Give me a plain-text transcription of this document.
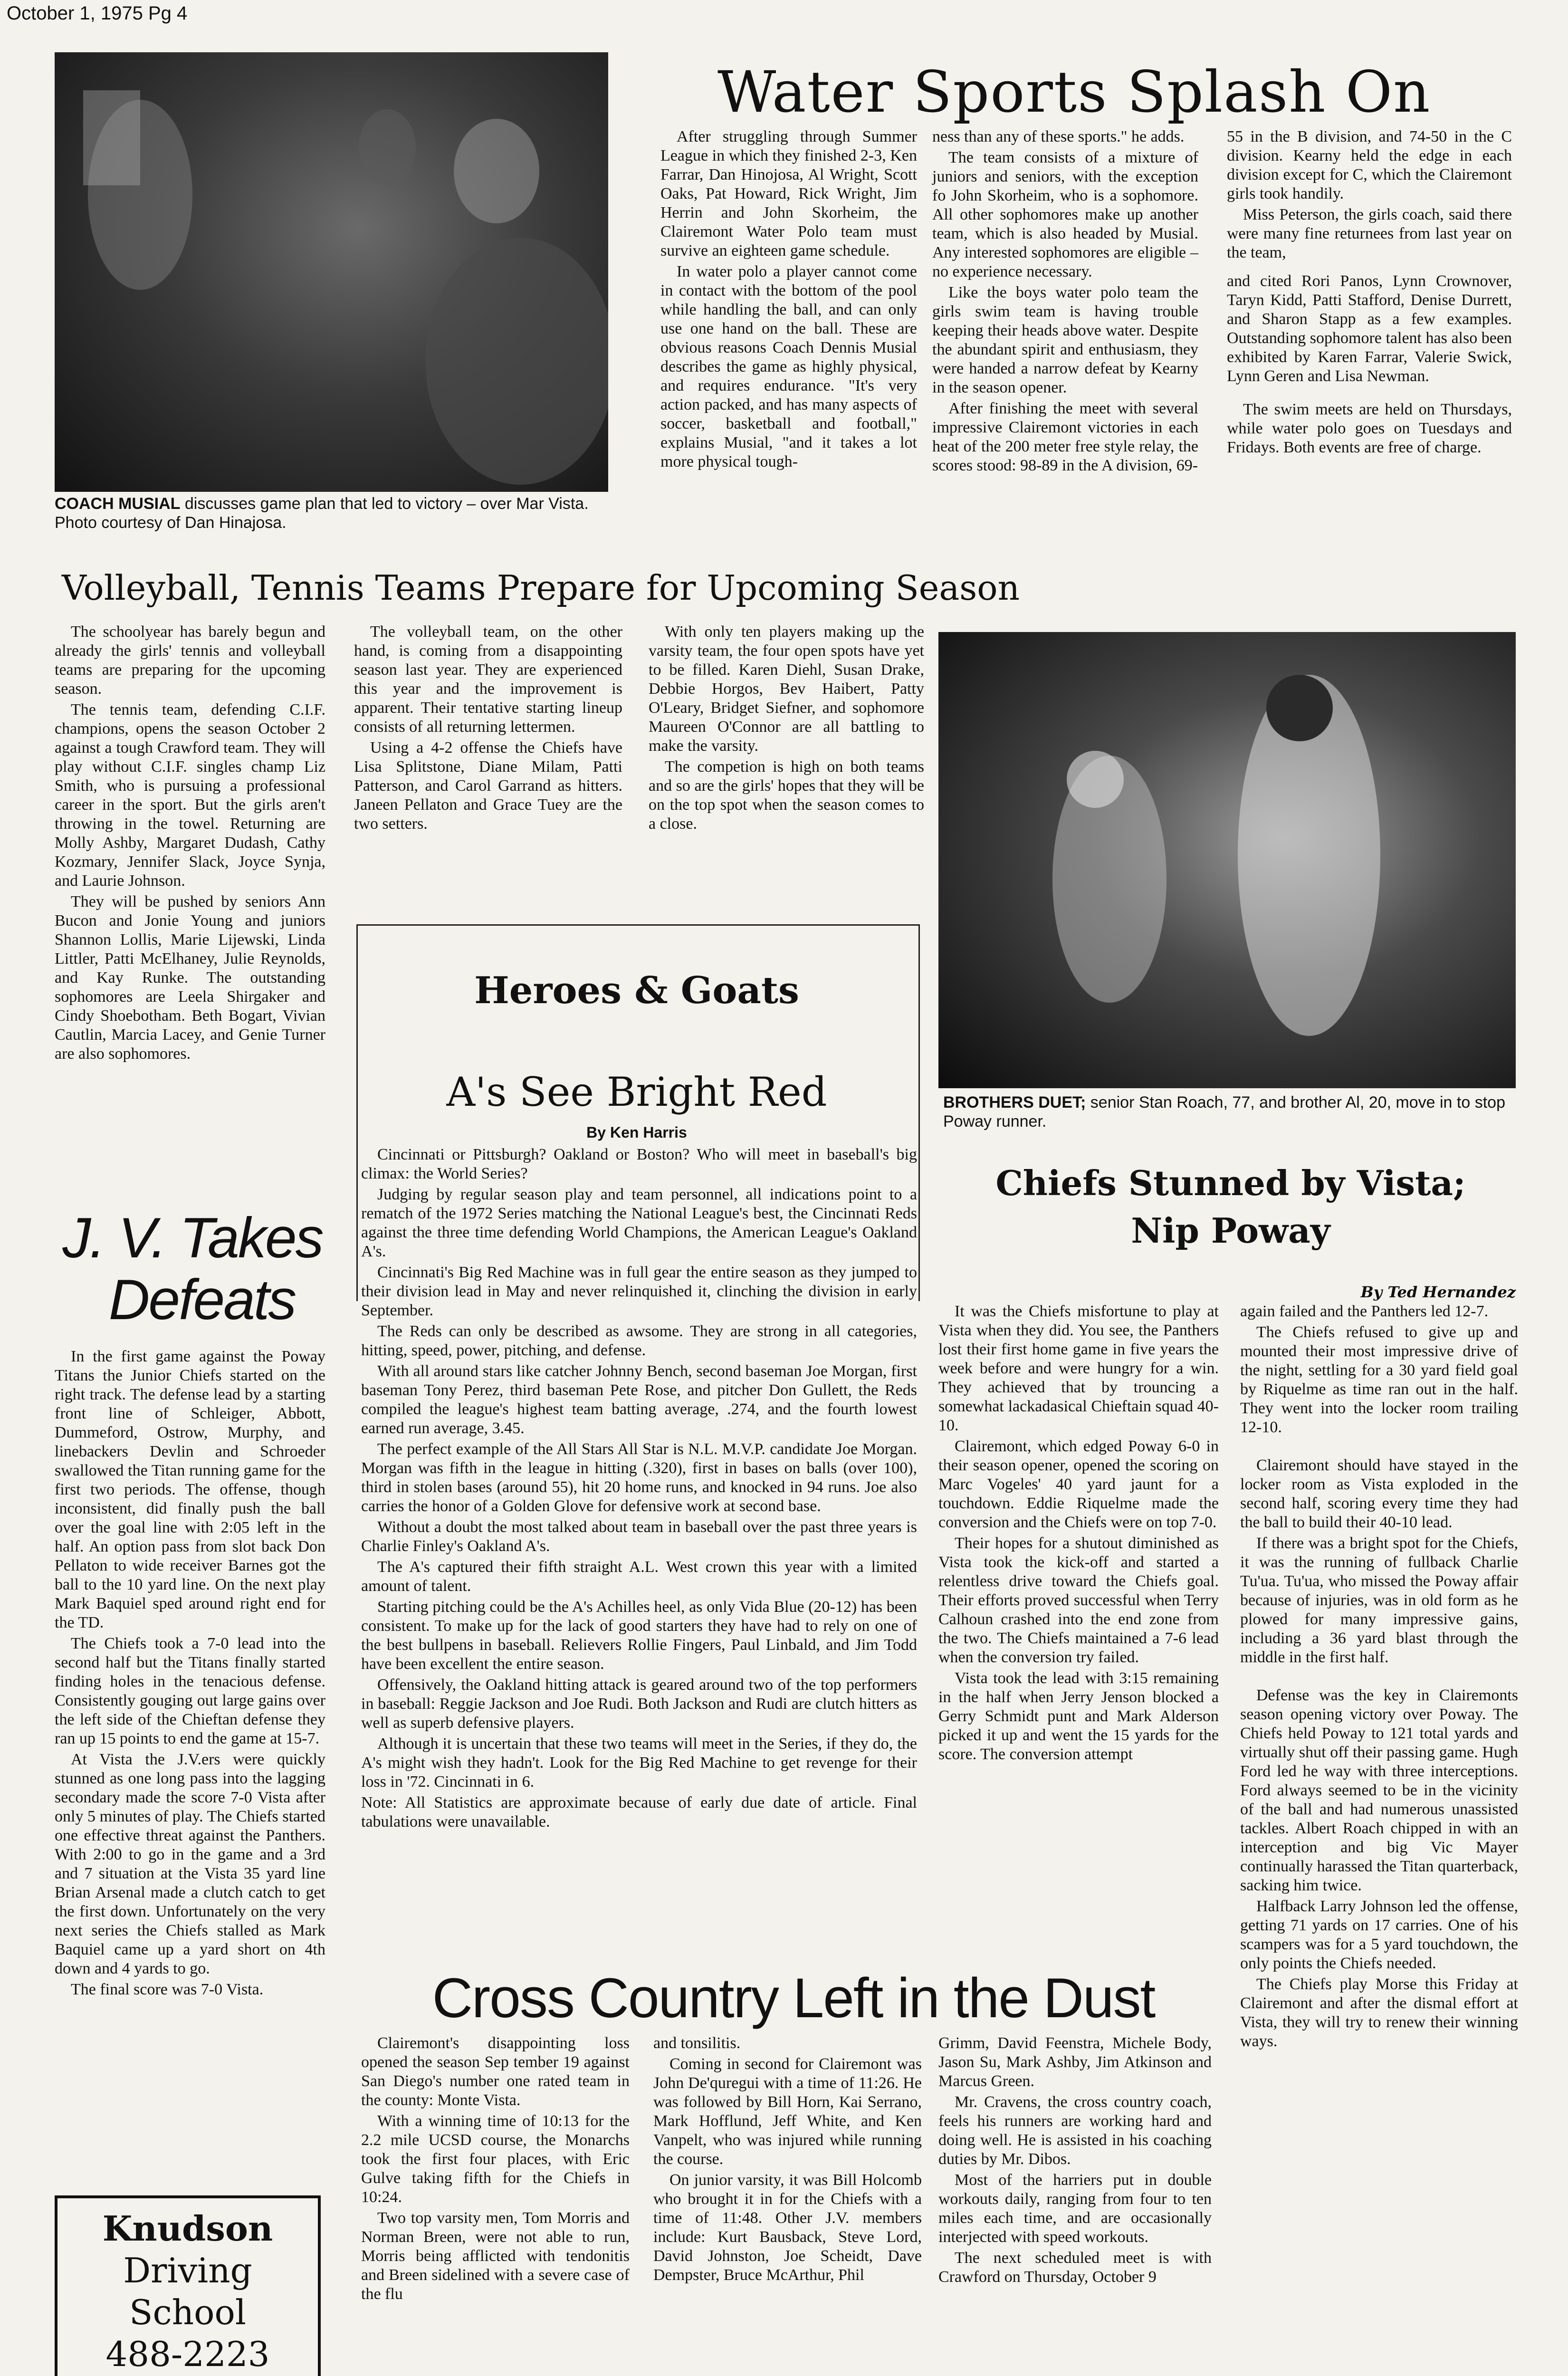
October 1, 1975 Pg 4
COACH MUSIAL discusses game plan that led to victory – over Mar Vista. Photo courtesy of Dan Hinajosa.
Water Sports Splash On

After struggling through Summer League in which they finished 2-3, Ken Farrar, Dan Hinojosa, Al Wright, Scott Oaks, Pat Howard, Rick Wright, Jim Herrin and John Skorheim, the Clairemont Water Polo team must survive an eighteen game schedule.

In water polo a player cannot come in contact with the bottom of the pool while handling the ball, and can only use one hand on the ball. These are obvious reasons Coach Dennis Musial describes the game as highly physical, and requires endurance. "It's very action packed, and has many aspects of soccer, basketball and football," explains Musial, "and it takes a lot more physical tough-

ness than any of these sports." he adds.

The team consists of a mixture of juniors and seniors, with the exception fo John Skorheim, who is a sophomore. All other sophomores make up another team, which is also headed by Musial. Any interested sophomores are eligible – no experience necessary.

Like the boys water polo team the girls swim team is having trouble keeping their heads above water. Despite the abundant spirit and enthusiasm, they were handed a narrow defeat by Kearny in the season opener.

After finishing the meet with several impressive Clairemont victories in each heat of the 200 meter free style relay, the scores stood: 98-89 in the A division, 69-

55 in the B division, and 74-50 in the C division. Kearny held the edge in each division except for C, which the Clairemont girls took handily.

Miss Peterson, the girls coach, said there were many fine returnees from last year on the team,

and cited Rori Panos, Lynn Crownover, Taryn Kidd, Patti Stafford, Denise Durrett, and Sharon Stapp as a few examples. Outstanding sophomore talent has also been exhibited by Karen Farrar, Valerie Swick, Lynn Geren and Lisa Newman.

The swim meets are held on Thursdays, while water polo goes on Tuesdays and Fridays. Both events are free of charge.

Volleyball, Tennis Teams Prepare for Upcoming Season

The schoolyear has barely begun and already the girls' tennis and volleyball teams are preparing for the upcoming season.

The tennis team, defending C.I.F. champions, opens the season October 2 against a tough Crawford team. They will play without C.I.F. singles champ Liz Smith, who is pursuing a professional career in the sport. But the girls aren't throwing in the towel. Returning are Molly Ashby, Margaret Dudash, Cathy Kozmary, Jennifer Slack, Joyce Synja, and Laurie Johnson.

They will be pushed by seniors Ann Bucon and Jonie Young and juniors Shannon Lollis, Marie Lijewski, Linda Littler, Patti McElhaney, Julie Reynolds, and Kay Runke. The outstanding sophomores are Leela Shirgaker and Cindy Shoebotham. Beth Bogart, Vivian Cautlin, Marcia Lacey, and Genie Turner are also sophomores.

The volleyball team, on the other hand, is coming from a disappointing season last year. They are experienced this year and the improvement is apparent. Their tentative starting lineup consists of all returning lettermen.

Using a 4-2 offense the Chiefs have Lisa Splitstone, Diane Milam, Patti Patterson, and Carol Garrand as hitters. Janeen Pellaton and Grace Tuey are the two setters.

With only ten players making up the varsity team, the four open spots have yet to be filled. Karen Diehl, Susan Drake, Debbie Horgos, Bev Haibert, Patty O'Leary, Bridget Siefner, and sophomore Maureen O'Connor are all battling to make the varsity.

The competion is high on both teams and so are the girls' hopes that they will be on the top spot when the season comes to a close.

BROTHERS DUET; senior Stan Roach, 77, and brother Al, 20, move in to stop Poway runner.
Heroes & Goats
A's See Bright Red
By Ken Harris

Cincinnati or Pittsburgh? Oakland or Boston? Who will meet in baseball's big climax: the World Series?

Judging by regular season play and team personnel, all indications point to a rematch of the 1972 Series matching the National League's best, the Cincinnati Reds against the three time defending World Champions, the American League's Oakland A's.

Cincinnati's Big Red Machine was in full gear the entire season as they jumped to their division lead in May and never relinquished it, clinching the division in early September.

The Reds can only be described as awsome. They are strong in all categories, hitting, speed, power, pitching, and defense.

With all around stars like catcher Johnny Bench, second baseman Joe Morgan, first baseman Tony Perez, third baseman Pete Rose, and pitcher Don Gullett, the Reds compiled the league's highest team batting average, .274, and the fourth lowest earned run average, 3.45.

The perfect example of the All Stars All Star is N.L. M.V.P. candidate Joe Morgan. Morgan was fifth in the league in hitting (.320), first in bases on balls (over 100), third in stolen bases (around 55), hit 20 home runs, and knocked in 94 runs. Joe also carries the honor of a Golden Glove for defensive work at second base.

Without a doubt the most talked about team in baseball over the past three years is Charlie Finley's Oakland A's.

The A's captured their fifth straight A.L. West crown this year with a limited amount of talent.

Starting pitching could be the A's Achilles heel, as only Vida Blue (20-12) has been consistent. To make up for the lack of good starters they have had to rely on one of the best bullpens in baseball. Relievers Rollie Fingers, Paul Linbald, and Jim Todd have been excellent the entire season.

Offensively, the Oakland hitting attack is geared around two of the top performers in baseball: Reggie Jackson and Joe Rudi. Both Jackson and Rudi are clutch hitters as well as superb defensive players.

Although it is uncertain that these two teams will meet in the Series, if they do, the A's might wish they hadn't. Look for the Big Red Machine to get revenge for their loss in '72. Cincinnati in 6.

Note: All Statistics are approximate because of early due date of article. Final tabulations were unavailable.

J. V. Takes
Defeats

In the first game against the Poway Titans the Junior Chiefs started on the right track. The defense lead by a starting front line of Schleiger, Abbott, Dummeford, Ostrow, Murphy, and linebackers Devlin and Schroeder swallowed the Titan running game for the first two periods. The offense, though inconsistent, did finally push the ball over the goal line with 2:05 left in the half. An option pass from slot back Don Pellaton to wide receiver Barnes got the ball to the 10 yard line. On the next play Mark Baquiel sped around right end for the TD.

The Chiefs took a 7-0 lead into the second half but the Titans finally started finding holes in the tenacious defense. Consistently gouging out large gains over the left side of the Chieftan defense they ran up 15 points to end the game at 15-7.

At Vista the J.V.ers were quickly stunned as one long pass into the lagging secondary made the score 7-0 Vista after only 5 minutes of play. The Chiefs started one effective threat against the Panthers. With 2:00 to go in the game and a 3rd and 7 situation at the Vista 35 yard line Brian Arsenal made a clutch catch to get the first down. Unfortunately on the very next series the Chiefs stalled as Mark Baquiel came up a yard short on 4th down and 4 yards to go.

The final score was 7-0 Vista.

Knudson
Driving
School
488-2223
Chiefs Stunned by Vista;
Nip Poway
By Ted Hernandez

It was the Chiefs misfortune to play at Vista when they did. You see, the Panthers lost their first home game in five years the week before and were hungry for a win. They achieved that by trouncing a somewhat lackadasical Chieftain squad 40-10.

Clairemont, which edged Poway 6-0 in their season opener, opened the scoring on Marc Vogeles' 40 yard jaunt for a touchdown. Eddie Riquelme made the conversion and the Chiefs were on top 7-0.

Their hopes for a shutout diminished as Vista took the kick-off and started a relentless drive toward the Chiefs goal. Their efforts proved successful when Terry Calhoun crashed into the end zone from the two. The Chiefs maintained a 7-6 lead when the conversion try failed.

Vista took the lead with 3:15 remaining in the half when Jerry Jenson blocked a Gerry Schmidt punt and Mark Alderson picked it up and went the 15 yards for the score. The conversion attempt

again failed and the Panthers led 12-7.

The Chiefs refused to give up and mounted their most impressive drive of the night, settling for a 30 yard field goal by Riquelme as time ran out in the half. They went into the locker room trailing 12-10.

Clairemont should have stayed in the locker room as Vista exploded in the second half, scoring every time they had the ball to build their 40-10 lead.

If there was a bright spot for the Chiefs, it was the running of fullback Charlie Tu'ua. Tu'ua, who missed the Poway affair because of injuries, was in old form as he plowed for many impressive gains, including a 36 yard blast through the middle in the first half.

Defense was the key in Clairemonts season opening victory over Poway. The Chiefs held Poway to 121 total yards and virtually shut off their passing game. Hugh Ford led he way with three interceptions. Ford always seemed to be in the vicinity of the ball and had numerous unassisted tackles. Albert Roach chipped in with an interception and big Vic Mayer continually harassed the Titan quarterback, sacking him twice.

Halfback Larry Johnson led the offense, getting 71 yards on 17 carries. One of his scampers was for a 5 yard touchdown, the only points the Chiefs needed.

The Chiefs play Morse this Friday at Clairemont and after the dismal effort at Vista, they will try to renew their winning ways.

Cross Country Left in the Dust

Clairemont's disappointing loss opened the season Sep tember 19 against San Diego's number one rated team in the county: Monte Vista.

With a winning time of 10:13 for the 2.2 mile UCSD course, the Monarchs took the first four places, with Eric Gulve taking fifth for the Chiefs in 10:24.

Two top varsity men, Tom Morris and Norman Breen, were not able to run, Morris being afflicted with tendonitis and Breen sidelined with a severe case of the flu

and tonsilitis.

Coming in second for Clairemont was John De'quregui with a time of 11:26. He was followed by Bill Horn, Kai Serrano, Mark Hofflund, Jeff White, and Ken Vanpelt, who was injured while running the course.

On junior varsity, it was Bill Holcomb who brought it in for the Chiefs with a time of 11:48. Other J.V. members include: Kurt Bausback, Steve Lord, David Johnston, Joe Scheidt, Dave Dempster, Bruce McArthur, Phil

Grimm, David Feenstra, Michele Body, Jason Su, Mark Ashby, Jim Atkinson and Marcus Green.

Mr. Cravens, the cross country coach, feels his runners are working hard and doing well. He is assisted in his coaching duties by Mr. Dibos.

Most of the harriers put in double workouts daily, ranging from four to ten miles each time, and are occasionally interjected with speed workouts.

The next scheduled meet is with Crawford on Thursday, October 9
